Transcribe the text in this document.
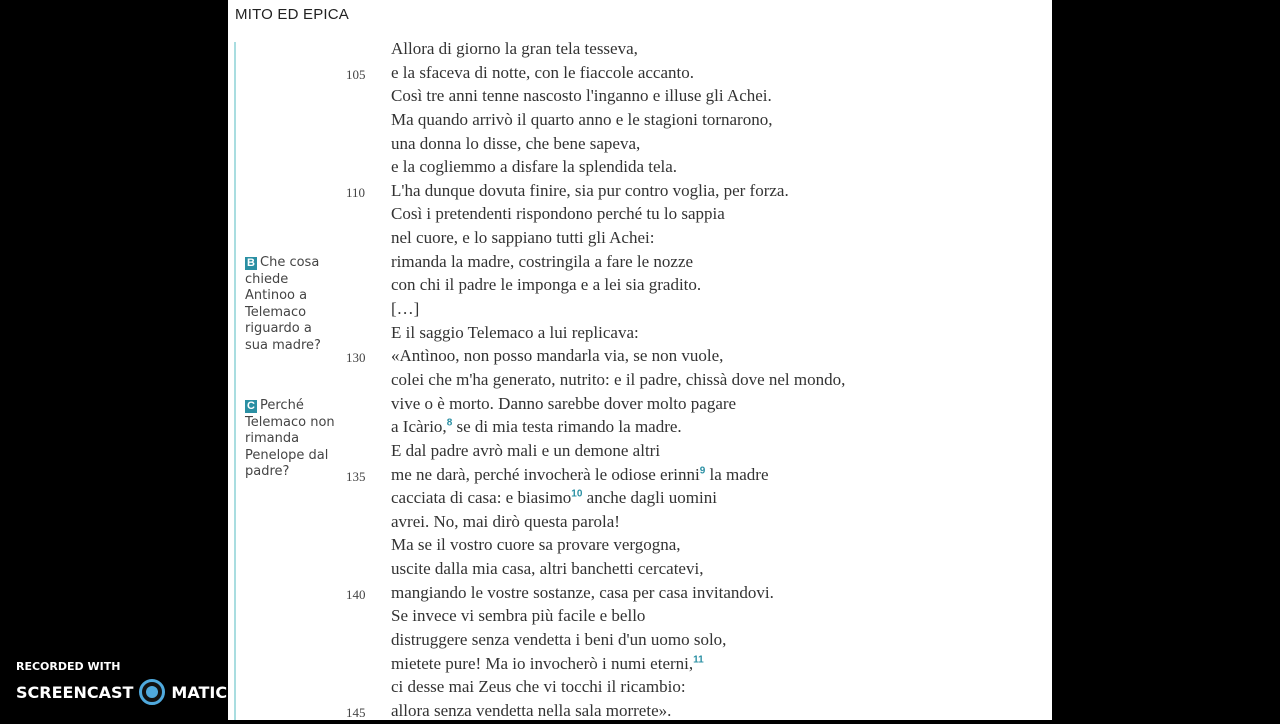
MITO ED EPICA
B Che cosa chiede Antinoo a Telemaco riguardo a sua madre?
C Perché Telemaco non rimanda Penelope dal padre?
Allora di giorno la gran tela tesseva,
105	e la sfaceva di notte, con le fiaccole accanto.
Così tre anni tenne nascosto l'inganno e illuse gli Achei.
Ma quando arrivò il quarto anno e le stagioni tornarono,
una donna lo disse, che bene sapeva,
e la cogliemmo a disfare la splendida tela.
110	L'ha dunque dovuta finire, sia pur contro voglia, per forza.
Così i pretendenti rispondono perché tu lo sappia
nel cuore, e lo sappiano tutti gli Achei:
rimanda la madre, costringila a fare le nozze
con chi il padre le imponga e a lei sia gradito.
[…]
E il saggio Telemaco a lui replicava:
130	«Antìnoo, non posso mandarla via, se non vuole,
colei che m'ha generato, nutrito: e il padre, chissà dove nel mondo,
vive o è morto. Danno sarebbe dover molto pagare
a Icàrio,$^8$ se di mia testa rimando la madre.
E dal padre avrò mali e un demone altri
135	me ne darà, perché invocherà le odiose erinni$^9$ la madre
cacciata di casa: e biasimo$^{10}$ anche dagli uomini
avrei. No, mai dirò questa parola!
Ma se il vostro cuore sa provare vergogna,
uscite dalla mia casa, altri banchetti cercatevi,
140	mangiando le vostre sostanze, casa per casa invitandovi.
Se invece vi sembra più facile e bello
distruggere senza vendetta i beni d'un uomo solo,
mietete pure! Ma io invocherò i numi eterni,$^{11}$
ci desse mai Zeus che vi tocchi il ricambio:
145	allora senza vendetta nella sala morrete».
RECORDED WITH
SCREENCAST MATIC
